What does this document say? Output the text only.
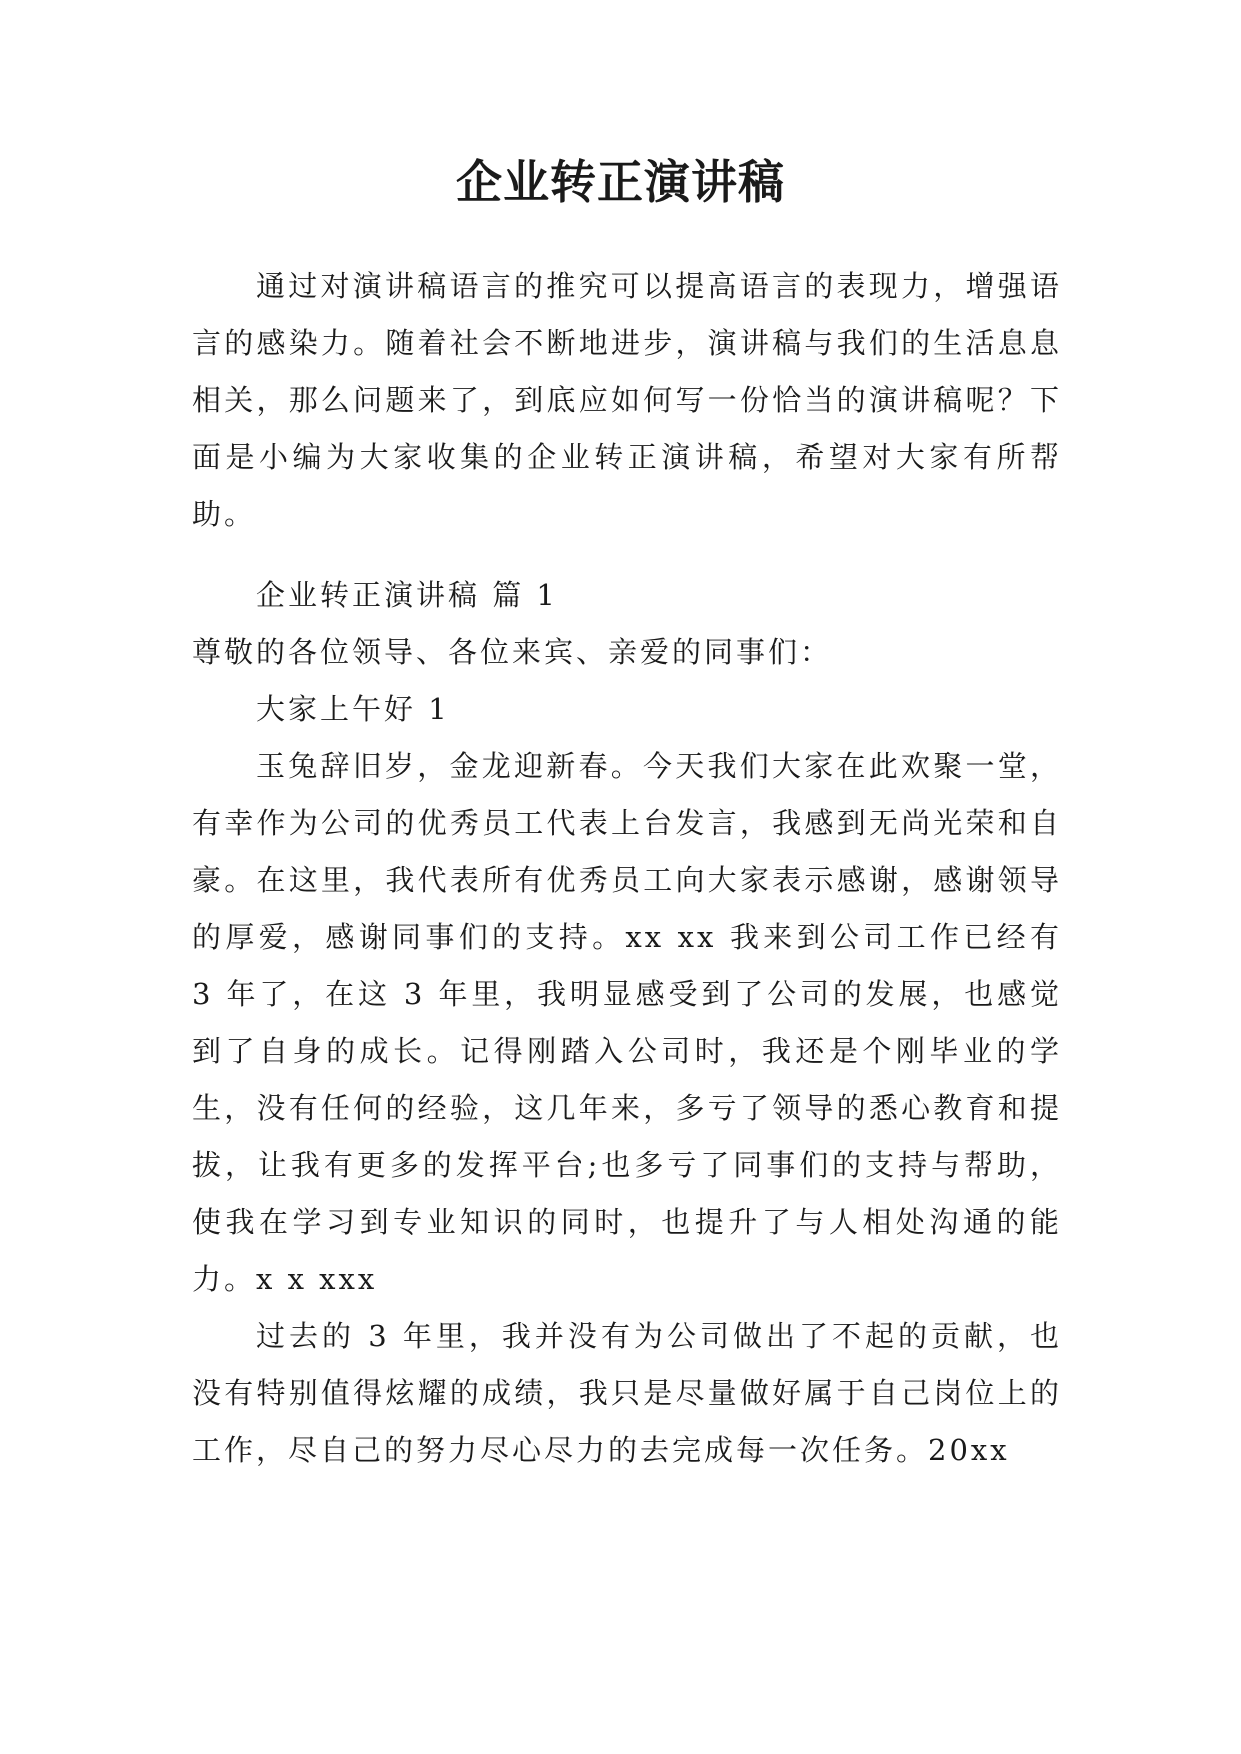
企业转正演讲稿

通过对演讲稿语言的推究可以提高语言的表现力，增强语言的感染力。随着社会不断地进步，演讲稿与我们的生活息息相关，那么问题来了，到底应如何写一份恰当的演讲稿呢？下面是小编为大家收集的企业转正演讲稿，希望对大家有所帮助。

企业转正演讲稿 篇 1

尊敬的各位领导、各位来宾、亲爱的同事们：

大家上午好 1

玉兔辞旧岁，金龙迎新春。今天我们大家在此欢聚一堂，有幸作为公司的优秀员工代表上台发言，我感到无尚光荣和自豪。在这里，我代表所有优秀员工向大家表示感谢，感谢领导的厚爱，感谢同事们的支持。xx xx 我来到公司工作已经有 3 年了，在这 3 年里，我明显感受到了公司的发展，也感觉到了自身的成长。记得刚踏入公司时，我还是个刚毕业的学生，没有任何的经验，这几年来，多亏了领导的悉心教育和提拔，让我有更多的发挥平台;也多亏了同事们的支持与帮助，使我在学习到专业知识的同时，也提升了与人相处沟通的能力。x x xxx

过去的 3 年里，我并没有为公司做出了不起的贡献，也没有特别值得炫耀的成绩，我只是尽量做好属于自己岗位上的工作，尽自己的努力尽心尽力的去完成每一次任务。20xx
